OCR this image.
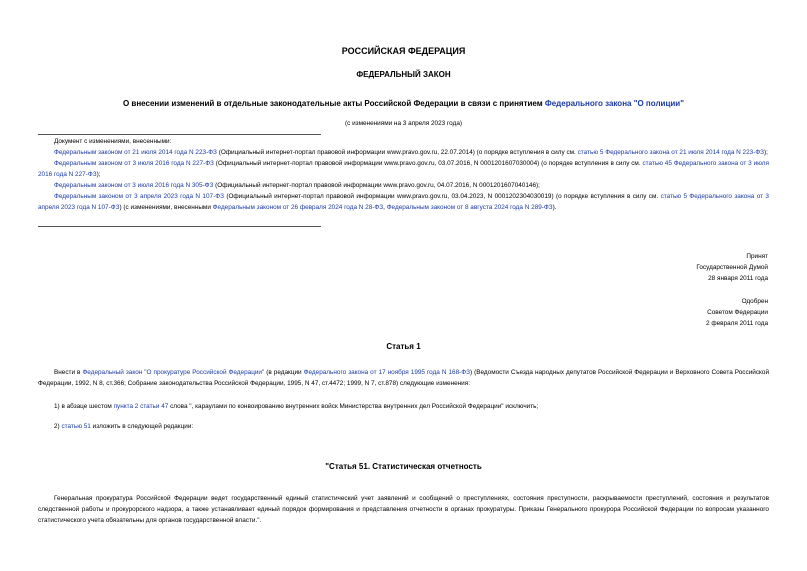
РОССИЙСКАЯ ФЕДЕРАЦИЯ
ФЕДЕРАЛЬНЫЙ ЗАКОН
О внесении изменений в отдельные законодательные акты Российской Федерации в связи с принятием Федерального закона "О полиции"
(с изменениями на 3 апреля 2023 года)
Документ с изменениями, внесенными:
Федеральным законом от 21 июля 2014 года N 223-ФЗ (Официальный интернет-портал правовой информации www.pravo.gov.ru, 22.07.2014) (о порядке вступления в силу см. статью 5 Федерального закона от 21 июля 2014 года N 223-ФЗ);
Федеральным законом от 3 июля 2016 года N 227-ФЗ (Официальный интернет-портал правовой информации www.pravo.gov.ru, 03.07.2016, N 0001201607030004) (о порядке вступления в силу см. статью 45 Федерального закона от 3 июля 2016 года N 227-ФЗ);
Федеральным законом от 3 июля 2016 года N 305-ФЗ (Официальный интернет-портал правовой информации www.pravo.gov.ru, 04.07.2016, N 0001201607040146);
Федеральным законом от 3 апреля 2023 года N 107-ФЗ (Официальный интернет-портал правовой информации www.pravo.gov.ru, 03.04.2023, N 0001202304030019) (о порядке вступления в силу см. статью 5 Федерального закона от 3 апреля 2023 года N 107-ФЗ) (с изменениями, внесенными Федеральным законом от 26 февраля 2024 года N 28-ФЗ, Федеральным законом от 8 августа 2024 года N 289-ФЗ).
Принят
Государственной Думой
28 января 2011 года
Одобрен
Советом Федерации
2 февраля 2011 года
Статья 1
Внести в Федеральный закон "О прокуратуре Российской Федерации" (в редакции Федерального закона от 17 ноября 1995 года N 168-ФЗ) (Ведомости Съезда народных депутатов Российской Федерации и Верховного Совета Российской Федерации, 1992, N 8, ст.366; Собрание законодательства Российской Федерации, 1995, N 47, ст.4472; 1999, N 7, ст.878) следующие изменения:
1) в абзаце шестом пункта 2 статьи 47 слова ", караулами по конвоированию внутренних войск Министерства внутренних дел Российской Федерации" исключить;
2) статью 51 изложить в следующей редакции:
"Статья 51. Статистическая отчетность
Генеральная прокуратура Российской Федерации ведет государственный единый статистический учет заявлений и сообщений о преступлениях, состояния преступности, раскрываемости преступлений, состояния и результатов следственной работы и прокурорского надзора, а также устанавливает единый порядок формирования и представления отчетности в органах прокуратуры. Приказы Генерального прокурора Российской Федерации по вопросам указанного статистического учета обязательны для органов государственной власти.".
